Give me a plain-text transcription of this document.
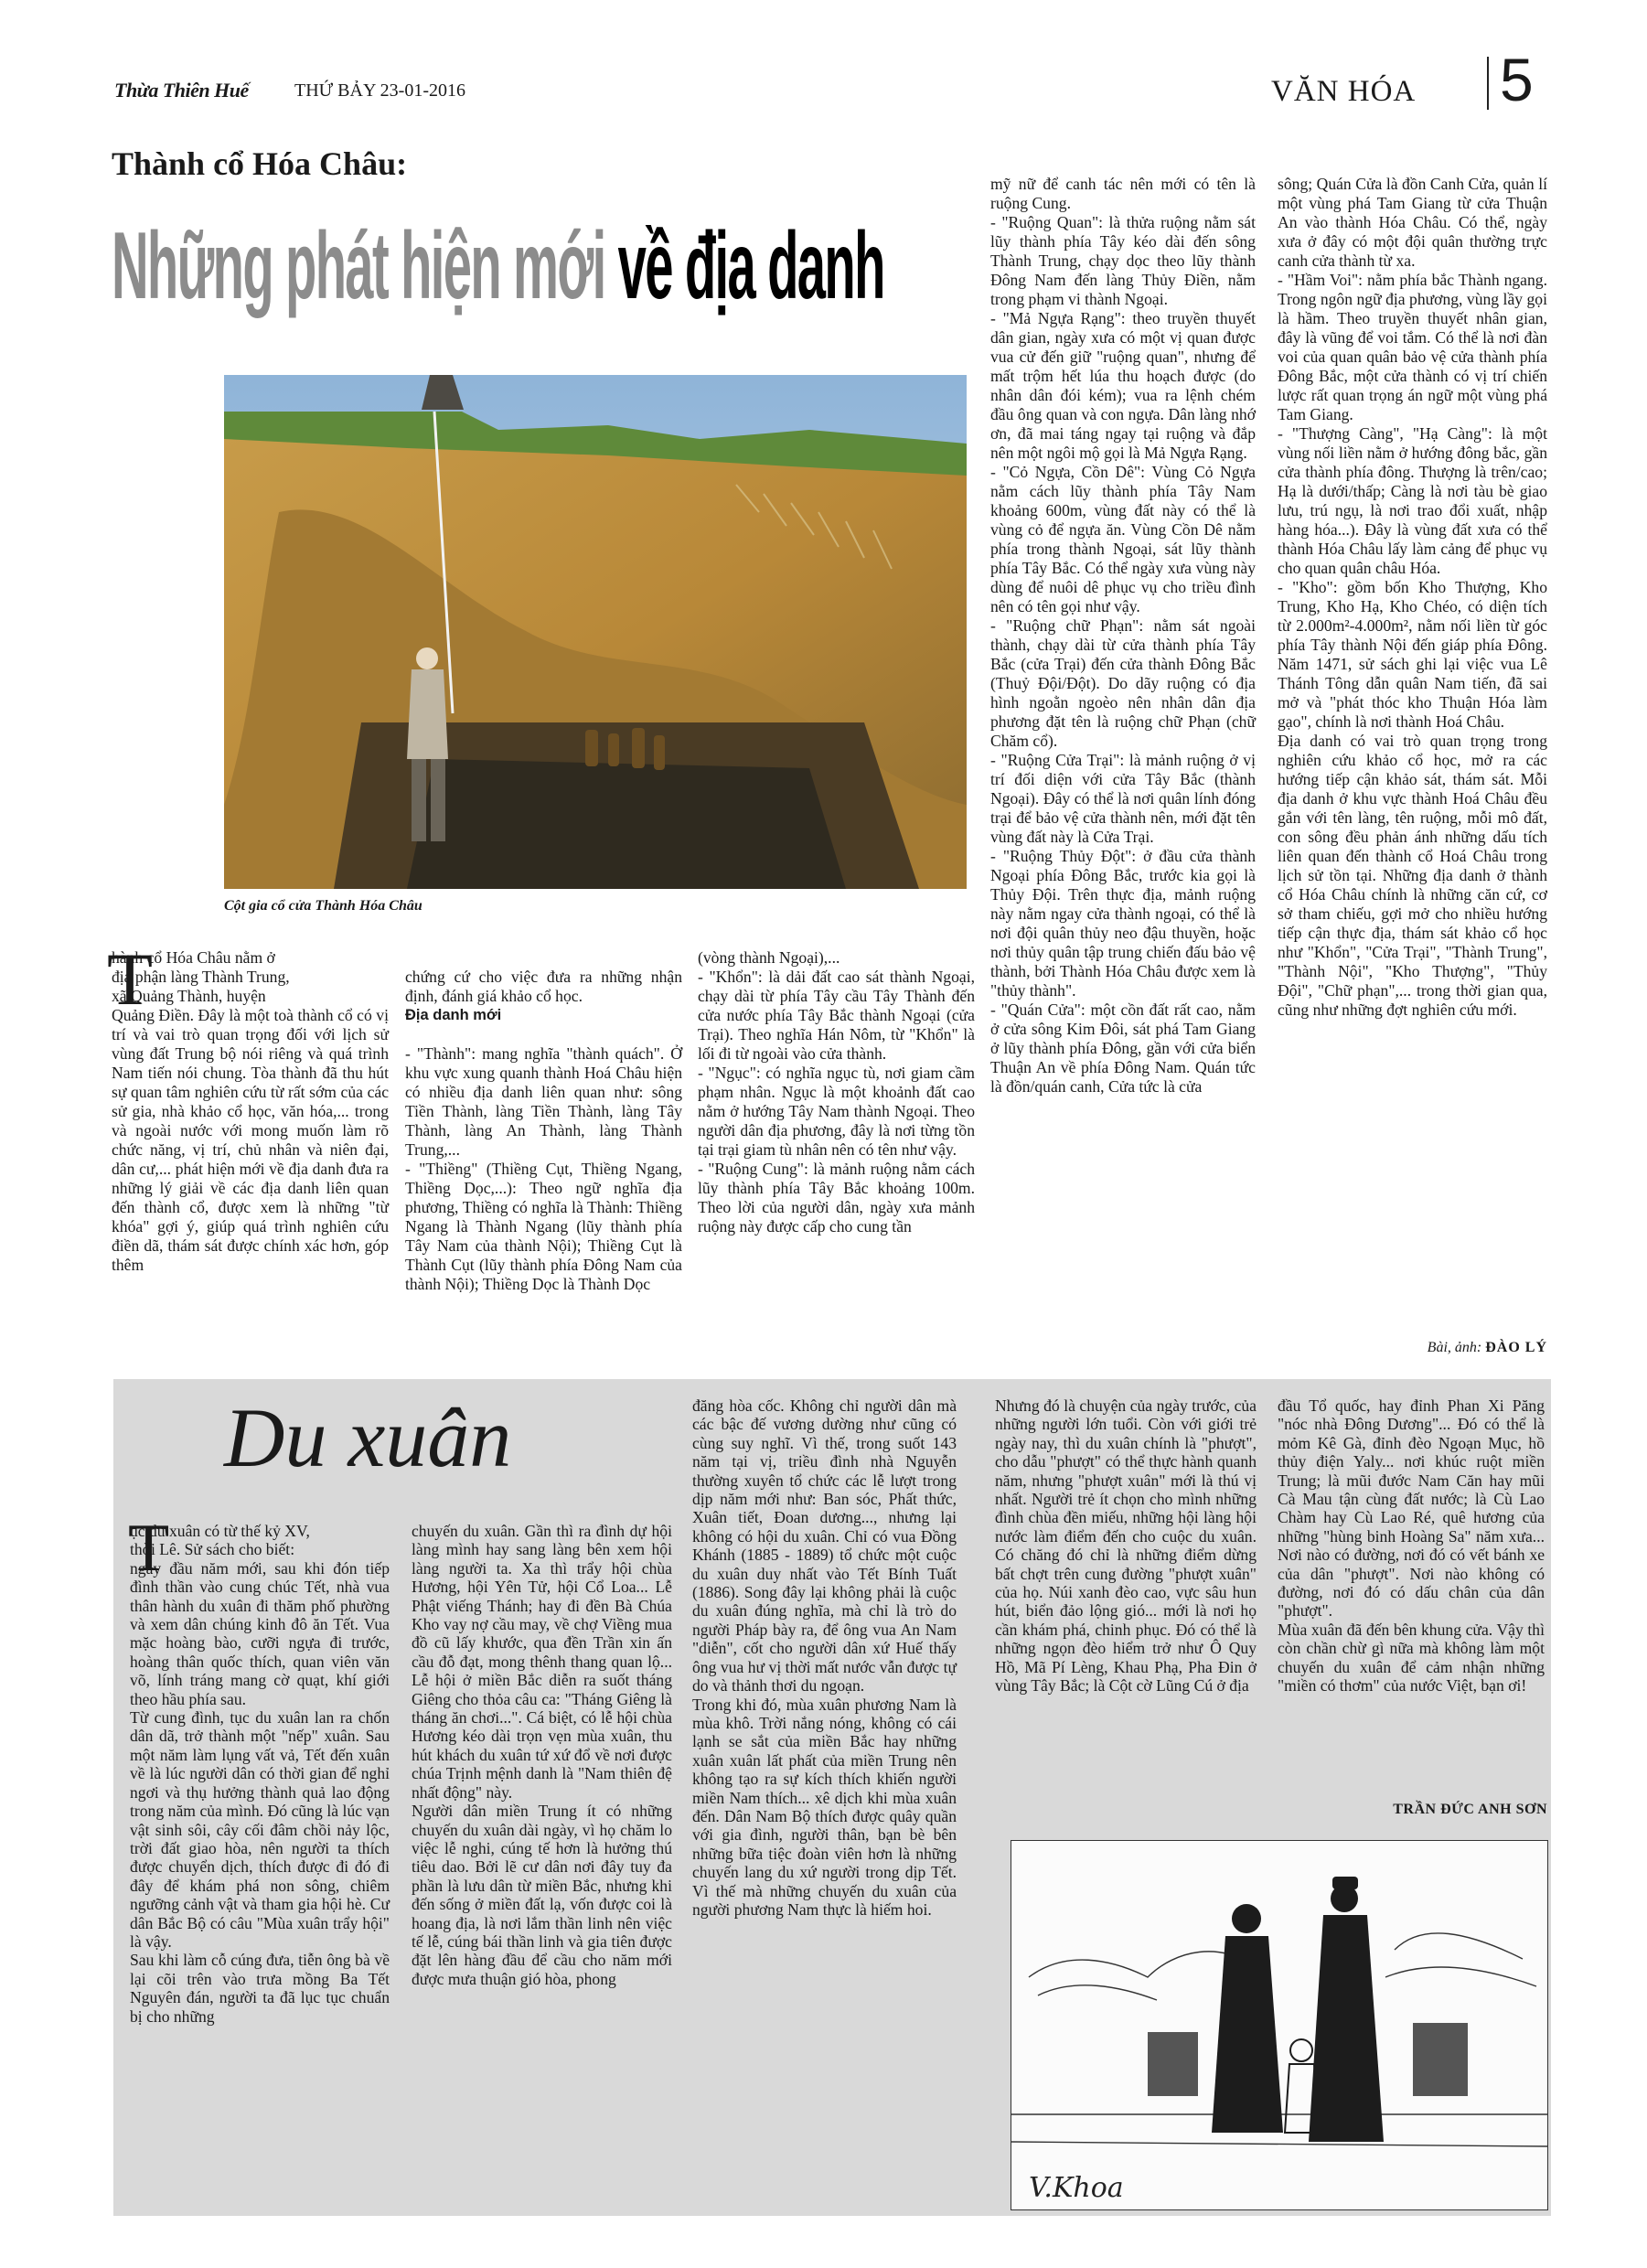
Thừa Thiên Huế	THỨ BẢY 23-01-2016	VĂN HÓA 5
Thành cổ Hóa Châu:
Những phát hiện mới về địa danh
Cột gia cổ cửa Thành Hóa Châu
T
hành cổ Hóa Châu nằm ở
địa phận làng Thành Trung,
xã Quảng Thành, huyện
Quảng Điền. Đây là một toà thành cổ có vị trí và vai trò quan trọng đối với lịch sử vùng đất Trung bộ nói riêng và quá trình Nam tiến nói chung. Tòa thành đã thu hút sự quan tâm nghiên cứu từ rất sớm của các sử gia, nhà khảo cổ học, văn hóa,... trong và ngoài nước với mong muốn làm rõ chức năng, vị trí, chủ nhân và niên đại, dân cư,... phát hiện mới về địa danh đưa ra những lý giải về các địa danh liên quan đến thành cổ, được xem là những "từ khóa" gợi ý, giúp quá trình nghiên cứu điền dã, thám sát được chính xác hơn, góp thêm

chứng cứ cho việc đưa ra những nhận định, đánh giá khảo cổ học.

Địa danh mới

- "Thành": mang nghĩa "thành quách". Ở khu vực xung quanh thành Hoá Châu hiện có nhiều địa danh liên quan như: sông Tiền Thành, làng Tiền Thành, làng Tây Thành, làng An Thành, làng Thành Trung,...
- "Thiềng" (Thiềng Cụt, Thiềng Ngang, Thiềng Dọc,...): Theo ngữ nghĩa địa phương, Thiềng có nghĩa là Thành: Thiềng Ngang là Thành Ngang (lũy thành phía Tây Nam của thành Nội); Thiềng Cụt là Thành Cụt (lũy thành phía Đông Nam của thành Nội); Thiềng Dọc là Thành Dọc

(vòng thành Ngoại),...
- "Khổn": là dải đất cao sát thành Ngoại, chạy dài từ phía Tây cầu Tây Thành đến cửa nước phía Tây Bắc thành Ngoại (cửa Trại). Theo nghĩa Hán Nôm, từ "Khổn" là lối đi từ ngoài vào cửa thành.
- "Ngục": có nghĩa ngục tù, nơi giam cầm phạm nhân. Ngục là một khoảnh đất cao nằm ở hướng Tây Nam thành Ngoại. Theo người dân địa phương, đây là nơi từng tồn tại trại giam tù nhân nên có tên như vậy.
- "Ruộng Cung": là mảnh ruộng nằm cách lũy thành phía Tây Bắc khoảng 100m. Theo lời của người dân, ngày xưa mảnh ruộng này được cấp cho cung tần
mỹ nữ để canh tác nên mới có tên là ruộng Cung.
- "Ruộng Quan": là thửa ruộng nằm sát lũy thành phía Tây kéo dài đến sông Thành Trung, chạy dọc theo lũy thành Đông Nam đến làng Thủy Điền, nằm trong phạm vi thành Ngoại.
- "Mả Ngựa Rạng": theo truyền thuyết dân gian, ngày xưa có một vị quan được vua cử đến giữ "ruộng quan", nhưng để mất trộm hết lúa thu hoạch được (do nhân dân đói kém); vua ra lệnh chém đầu ông quan và con ngựa. Dân làng nhớ ơn, đã mai táng ngay tại ruộng và đắp nên một ngôi mộ gọi là Mả Ngựa Rạng.
- "Cỏ Ngựa, Cồn Dê": Vùng Cỏ Ngựa nằm cách lũy thành phía Tây Nam khoảng 600m, vùng đất này có thể là vùng cỏ để ngựa ăn. Vùng Cồn Dê nằm phía trong thành Ngoại, sát lũy thành phía Tây Bắc. Có thể ngày xưa vùng này dùng để nuôi dê phục vụ cho triều đình nên có tên gọi như vậy.
- "Ruộng chữ Phạn": nằm sát ngoài thành, chạy dài từ cửa thành phía Tây Bắc (cửa Trại) đến cửa thành Đông Bắc (Thuỷ Đội/Đột). Do dãy ruộng có địa hình ngoằn ngoèo nên nhân dân địa phương đặt tên là ruộng chữ Phạn (chữ Chăm cổ).
- "Ruộng Cửa Trại": là mảnh ruộng ở vị trí đối diện với cửa Tây Bắc (thành Ngoại). Đây có thể là nơi quân lính đóng trại để bảo vệ cửa thành nên, mới đặt tên vùng đất này là Cửa Trại.
- "Ruộng Thủy Đột": ở đầu cửa thành Ngoại phía Đông Bắc, trước kia gọi là Thủy Đội. Trên thực địa, mảnh ruộng này nằm ngay cửa thành ngoại, có thể là nơi đội quân thủy neo đậu thuyền, hoặc nơi thủy quân tập trung chiến đấu bảo vệ thành, bởi Thành Hóa Châu được xem là "thủy thành".
- "Quán Cửa": một cồn đất rất cao, nằm ở cửa sông Kim Đôi, sát phá Tam Giang ở lũy thành phía Đông, gần với cửa biển Thuận An về phía Đông Nam. Quán tức là đồn/quán canh, Cửa tức là cửa
sông; Quán Cửa là đồn Canh Cửa, quản lí một vùng phá Tam Giang từ cửa Thuận An vào thành Hóa Châu. Có thể, ngày xưa ở đây có một đội quân thường trực canh cửa thành từ xa.
- "Hầm Voi": nằm phía bắc Thành ngang. Trong ngôn ngữ địa phương, vùng lầy gọi là hầm. Theo truyền thuyết nhân gian, đây là vũng để voi tắm. Có thể là nơi đàn voi của quan quân bảo vệ cửa thành phía Đông Bắc, một cửa thành có vị trí chiến lược rất quan trọng án ngữ một vùng phá Tam Giang.
- "Thượng Càng", "Hạ Càng": là một vùng nối liền nằm ở hướng đông bắc, gần cửa thành phía đông. Thượng là trên/cao; Hạ là dưới/thấp; Càng là nơi tàu bè giao lưu, trú ngụ, là nơi trao đổi xuất, nhập hàng hóa...). Đây là vùng đất xưa có thể thành Hóa Châu lấy làm cảng để phục vụ cho quan quân châu Hóa.
- "Kho": gồm bốn Kho Thượng, Kho Trung, Kho Hạ, Kho Chéo, có diện tích từ 2.000m²-4.000m², nằm nối liền từ góc phía Tây thành Nội đến giáp phía Đông. Năm 1471, sử sách ghi lại việc vua Lê Thánh Tông dẫn quân Nam tiến, đã sai mở và "phát thóc kho Thuận Hóa làm gạo", chính là nơi thành Hoá Châu.
Địa danh có vai trò quan trọng trong nghiên cứu khảo cổ học, mở ra các hướng tiếp cận khảo sát, thám sát. Mỗi địa danh ở khu vực thành Hoá Châu đều gắn với tên làng, tên ruộng, mỗi mô đất, con sông đều phản ánh những dấu tích liên quan đến thành cổ Hoá Châu trong lịch sử tồn tại. Những địa danh ở thành cổ Hóa Châu chính là những căn cứ, cơ sở tham chiếu, gợi mở cho nhiều hướng tiếp cận thực địa, thám sát khảo cổ học như "Khổn", "Cửa Trại", "Thành Trung", "Thành Nội", "Kho Thượng", "Thủy Đội", "Chữ phạn",... trong thời gian qua, cũng như những đợt nghiên cứu mới.
Bài, ảnh: ĐÀO LÝ
Du xuân
T
ục du xuân có từ thế kỷ XV,
thời Lê. Sử sách cho biết:
ngày đầu năm mới, sau khi đón tiếp đình thần vào cung chúc Tết, nhà vua thân hành du xuân đi thăm phố phường và xem dân chúng kinh đô ăn Tết. Vua mặc hoàng bào, cưỡi ngựa đi trước, hoàng thân quốc thích, quan viên văn võ, lính tráng mang cờ quạt, khí giới theo hầu phía sau.
Từ cung đình, tục du xuân lan ra chốn dân dã, trở thành một "nếp" xuân. Sau một năm làm lụng vất vả, Tết đến xuân về là lúc người dân có thời gian để nghỉ ngơi và thụ hưởng thành quả lao động trong năm của mình. Đó cũng là lúc vạn vật sinh sôi, cây cối đâm chồi nảy lộc, trời đất giao hòa, nên người ta thích được chuyển dịch, thích được đi đó đi đây để khám phá non sông, chiêm ngưỡng cảnh vật và tham gia hội hè. Cư dân Bắc Bộ có câu "Mùa xuân trẩy hội" là vậy.
Sau khi làm cỗ cúng đưa, tiễn ông bà về lại cõi trên vào trưa mồng Ba Tết Nguyên đán, người ta đã lục tục chuẩn bị cho những
chuyến du xuân. Gần thì ra đình dự hội làng mình hay sang làng bên xem hội làng người ta. Xa thì trẩy hội chùa Hương, hội Yên Tử, hội Cổ Loa... Lễ Phật viếng Thánh; hay đi đền Bà Chúa Kho vay nợ cầu may, về chợ Viềng mua đồ cũ lấy khước, qua đền Trần xin ấn cầu đỗ đạt, mong thênh thang quan lộ... Lễ hội ở miền Bắc diễn ra suốt tháng Giêng cho thỏa câu ca: "Tháng Giêng là tháng ăn chơi...". Cá biệt, có lễ hội chùa Hương kéo dài trọn vẹn mùa xuân, thu hút khách du xuân tứ xứ đổ về nơi được chúa Trịnh mệnh danh là "Nam thiên đệ nhất động" này.
Người dân miền Trung ít có những chuyến du xuân dài ngày, vì họ chăm lo việc lễ nghi, cúng tế hơn là hưởng thú tiêu dao. Bởi lẽ cư dân nơi đây tuy đa phần là lưu dân từ miền Bắc, nhưng khi đến sống ở miền đất lạ, vốn được coi là hoang địa, là nơi lắm thần linh nên việc tế lễ, cúng bái thần linh và gia tiên được đặt lên hàng đầu để cầu cho năm mới được mưa thuận gió hòa, phong
đăng hòa cốc. Không chỉ người dân mà các bậc đế vương dường như cũng có cùng suy nghĩ. Vì thế, trong suốt 143 năm tại vị, triều đình nhà Nguyễn thường xuyên tổ chức các lễ lượt trong dịp năm mới như: Ban sóc, Phất thức, Xuân tiết, Đoan dương..., nhưng lại không có hội du xuân. Chỉ có vua Đồng Khánh (1885 - 1889) tổ chức một cuộc du xuân duy nhất vào Tết Bính Tuất (1886). Song đây lại không phải là cuộc du xuân đúng nghĩa, mà chỉ là trò do người Pháp bày ra, để ông vua An Nam "diễn", cốt cho người dân xứ Huế thấy ông vua hư vị thời mất nước vẫn được tự do và thảnh thơi du ngoạn.
Trong khi đó, mùa xuân phương Nam là mùa khô. Trời nắng nóng, không có cái lạnh se sắt của miền Bắc hay những xuân xuân lất phất của miền Trung nên không tạo ra sự kích thích khiến người miền Nam thích... xê dịch khi mùa xuân đến. Dân Nam Bộ thích được quây quần với gia đình, người thân, bạn bè bên những bữa tiệc đoàn viên hơn là những chuyến lang du xứ người trong dịp Tết. Vì thế mà những chuyến du xuân của người phương Nam thực là hiếm hoi.
Nhưng đó là chuyện của ngày trước, của những người lớn tuổi. Còn với giới trẻ ngày nay, thì du xuân chính là "phượt", cho dẫu "phượt" có thể thực hành quanh năm, nhưng "phượt xuân" mới là thú vị nhất. Người trẻ ít chọn cho mình những đình chùa đền miếu, những hội làng hội nước làm điểm đến cho cuộc du xuân. Có chăng đó chỉ là những điểm dừng bất chợt trên cung đường "phượt xuân" của họ. Núi xanh đèo cao, vực sâu hun hút, biển đảo lộng gió... mới là nơi họ cần khám phá, chinh phục. Đó có thể là những ngọn đèo hiểm trở như Ô Quy Hồ, Mã Pí Lèng, Khau Phạ, Pha Đin ở vùng Tây Bắc; là Cột cờ Lũng Cú ở địa
đầu Tổ quốc, hay đỉnh Phan Xi Păng "nóc nhà Đông Dương"... Đó có thể là mỏm Kê Gà, đỉnh đèo Ngoạn Mục, hồ thủy điện Yaly... nơi khúc ruột miền Trung; là mũi đước Nam Căn hay mũi Cà Mau tận cùng đất nước; là Cù Lao Chàm hay Cù Lao Ré, quê hương của những "hùng binh Hoàng Sa" năm xưa... Nơi nào có đường, nơi đó có vết bánh xe của dân "phượt". Nơi nào không có đường, nơi đó có dấu chân của dân "phượt".
Mùa xuân đã đến bên khung cửa. Vậy thì còn chần chừ gì nữa mà không làm một chuyến du xuân để cảm nhận những "miền có thơm" của nước Việt, bạn ơi!
TRẦN ĐỨC ANH SƠN
V.Khoa
